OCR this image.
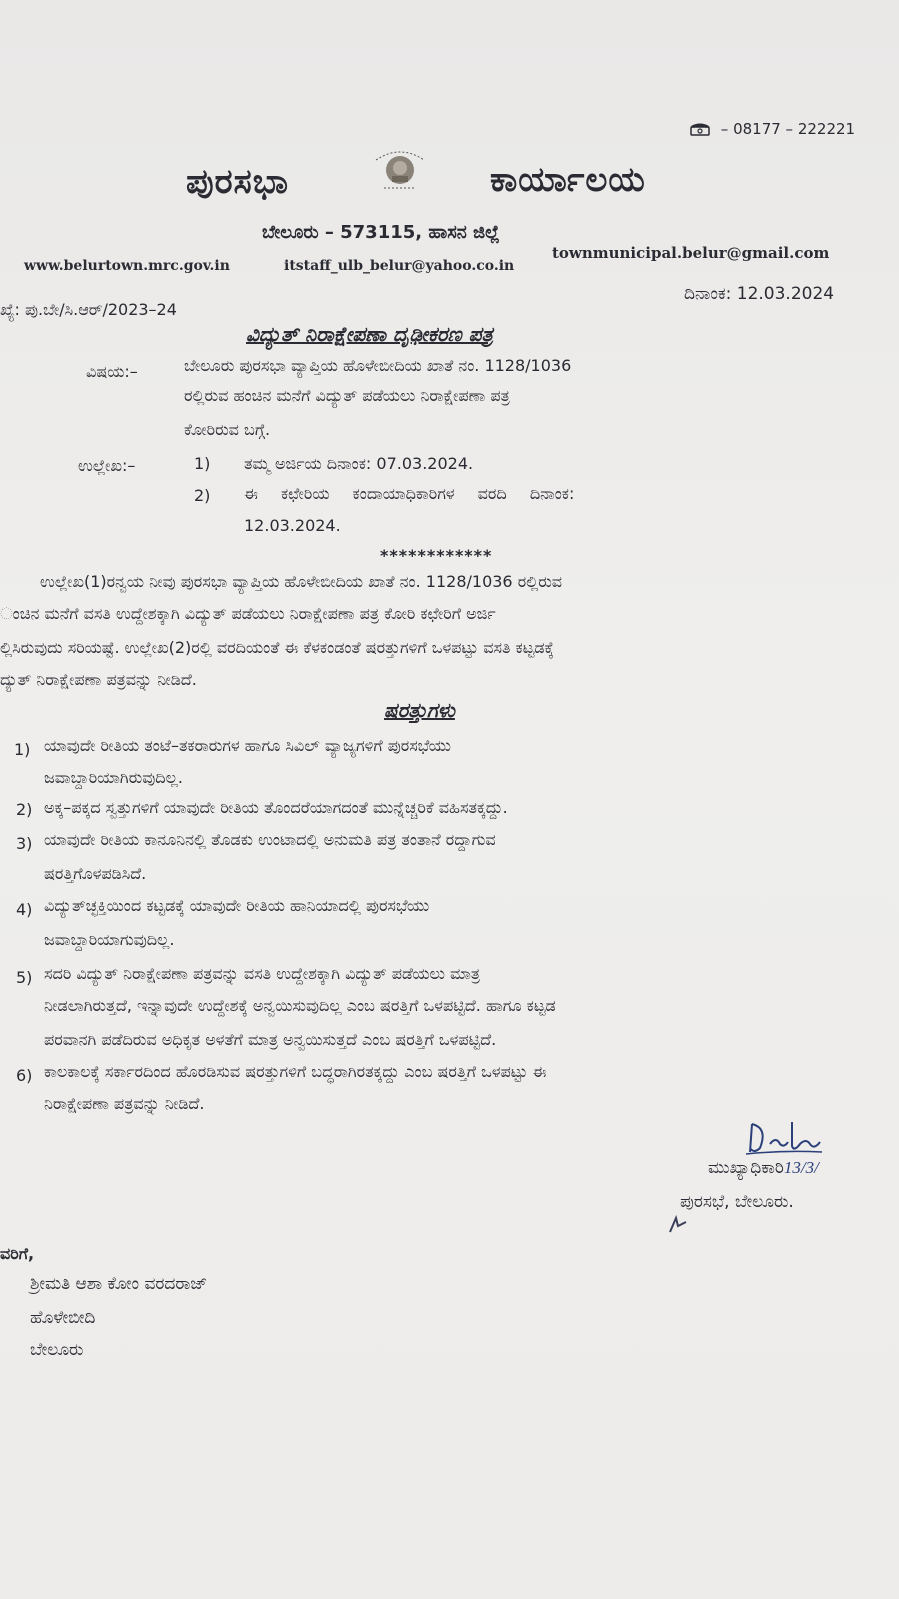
– 08177 – 222221
ಪುರಸಭಾ	ಕಾರ್ಯಾಲಯ
ಬೇಲೂರು – 573115, ಹಾಸನ ಜಿಲ್ಲೆ
www.belurtown.mrc.gov.in	itstaff_ulb_belur@yahoo.co.in
townmunicipal.belur@gmail.com
ಖ್ಯೆ: ಪು.ಬೇ/ಸಿ.ಆರ್/2023–24
ದಿನಾಂಕ: 12.03.2024
ವಿದ್ಯುತ್ ನಿರಾಕ್ಷೇಪಣಾ ದೃಢೀಕರಣ ಪತ್ರ
ವಿಷಯ:–	ಬೇಲೂರು ಪುರಸಭಾ ವ್ಯಾಪ್ತಿಯ ಹೊಳೇಬೀದಿಯ ಖಾತೆ ನಂ. 1128/1036
ರಲ್ಲಿರುವ ಹಂಚಿನ ಮನೆಗೆ ವಿದ್ಯುತ್ ಪಡೆಯಲು ನಿರಾಕ್ಷೇಪಣಾ ಪತ್ರ
ಕೋರಿರುವ ಬಗ್ಗೆ.
ಉಲ್ಲೇಖ:–	1) ತಮ್ಮ ಅರ್ಜಿಯ ದಿನಾಂಕ: 07.03.2024.
2) ಈ ಕಛೇರಿಯ ಕಂದಾಯಾಧಿಕಾರಿಗಳ ವರದಿ ದಿನಾಂಕ:
12.03.2024.
************
ಉಲ್ಲೇಖ(1)ರನ್ವಯ ನೀವು ಪುರಸಭಾ ವ್ಯಾಪ್ತಿಯ ಹೊಳೇಬೀದಿಯ ಖಾತೆ ನಂ. 1128/1036 ರಲ್ಲಿರುವ
ಂಚಿನ ಮನೆಗೆ ವಸತಿ ಉದ್ದೇಶಕ್ಕಾಗಿ ವಿದ್ಯುತ್ ಪಡೆಯಲು ನಿರಾಕ್ಷೇಪಣಾ ಪತ್ರ ಕೋರಿ ಕಛೇರಿಗೆ ಅರ್ಜಿ
ಲ್ಲಿಸಿರುವುದು ಸರಿಯಷ್ಟೆ. ಉಲ್ಲೇಖ(2)ರಲ್ಲಿ ವರದಿಯಂತೆ ಈ ಕೆಳಕಂಡಂತೆ ಷರತ್ತುಗಳಿಗೆ ಒಳಪಟ್ಟು ವಸತಿ ಕಟ್ಟಡಕ್ಕೆ
ದ್ಯುತ್ ನಿರಾಕ್ಷೇಪಣಾ ಪತ್ರವನ್ನು ನೀಡಿದೆ.
ಷರತ್ತುಗಳು
1) ಯಾವುದೇ ರೀತಿಯ ತಂಟೆ–ತಕರಾರುಗಳ ಹಾಗೂ ಸಿವಿಲ್ ವ್ಯಾಜ್ಯಗಳಿಗೆ ಪುರಸಭೆಯು
ಜವಾಬ್ದಾರಿಯಾಗಿರುವುದಿಲ್ಲ.
2) ಅಕ್ಕ–ಪಕ್ಕದ ಸ್ವತ್ತುಗಳಿಗೆ ಯಾವುದೇ ರೀತಿಯ ತೊಂದರೆಯಾಗದಂತೆ ಮುನ್ನೆಚ್ಚರಿಕೆ ವಹಿಸತಕ್ಕದ್ದು.
3) ಯಾವುದೇ ರೀತಿಯ ಕಾನೂನಿನಲ್ಲಿ ತೊಡಕು ಉಂಟಾದಲ್ಲಿ ಅನುಮತಿ ಪತ್ರ ತಂತಾನೆ ರದ್ದಾಗುವ
ಷರತ್ತಿಗೊಳಪಡಿಸಿದೆ.
4) ವಿದ್ಯುತ್‌ಚ್ಛಕ್ತಿಯಿಂದ ಕಟ್ಟಡಕ್ಕೆ ಯಾವುದೇ ರೀತಿಯ ಹಾನಿಯಾದಲ್ಲಿ ಪುರಸಭೆಯು
ಜವಾಬ್ದಾರಿಯಾಗುವುದಿಲ್ಲ.
5) ಸದರಿ ವಿದ್ಯುತ್ ನಿರಾಕ್ಷೇಪಣಾ ಪತ್ರವನ್ನು ವಸತಿ ಉದ್ದೇಶಕ್ಕಾಗಿ ವಿದ್ಯುತ್ ಪಡೆಯಲು ಮಾತ್ರ
ನೀಡಲಾಗಿರುತ್ತದೆ, ಇನ್ನಾವುದೇ ಉದ್ದೇಶಕ್ಕೆ ಅನ್ವಯಿಸುವುದಿಲ್ಲ ಎಂಬ ಷರತ್ತಿಗೆ ಒಳಪಟ್ಟಿದೆ. ಹಾಗೂ ಕಟ್ಟಡ
ಪರವಾನಗಿ ಪಡೆದಿರುವ ಅಧಿಕೃತ ಅಳತೆಗೆ ಮಾತ್ರ ಅನ್ವಯಿಸುತ್ತದೆ ಎಂಬ ಷರತ್ತಿಗೆ ಒಳಪಟ್ಟಿದೆ.
6) ಕಾಲಕಾಲಕ್ಕೆ ಸರ್ಕಾರದಿಂದ ಹೊರಡಿಸುವ ಷರತ್ತುಗಳಿಗೆ ಬದ್ಧರಾಗಿರತಕ್ಕದ್ದು ಎಂಬ ಷರತ್ತಿಗೆ ಒಳಪಟ್ಟು ಈ
ನಿರಾಕ್ಷೇಪಣಾ ಪತ್ರವನ್ನು ನೀಡಿದೆ.
ಮುಖ್ಯಾಧಿಕಾರಿ13/3/
ಪುರಸಭೆ, ಬೇಲೂರು.
ವರಿಗೆ,
ಶ್ರೀಮತಿ ಆಶಾ ಕೋಂ ವರದರಾಜ್
ಹೊಳೇಬೀದಿ
ಬೇಲೂರು
